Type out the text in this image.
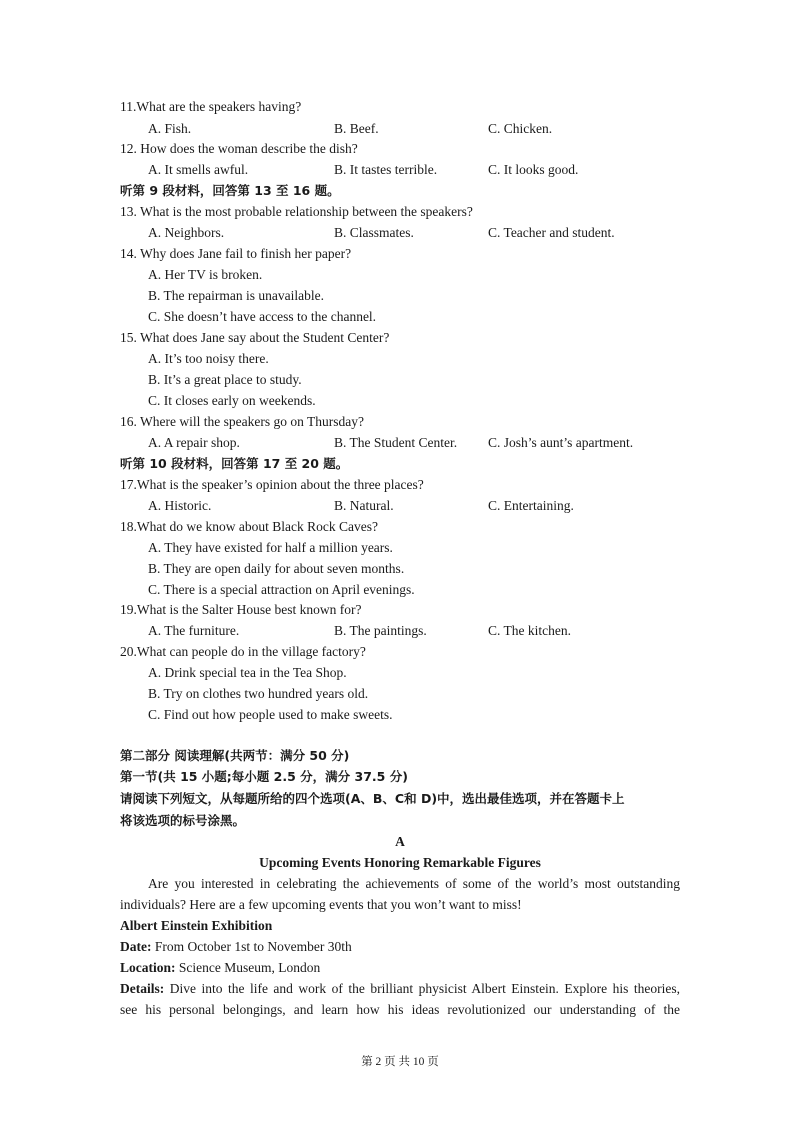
11.What are the speakers having?
A. Fish.	B. Beef.	C. Chicken.
12. How does the woman describe the dish?
A. It smells awful.	B. It tastes terrible.	C. It looks good.
听第 9 段材料，回答第 13 至 16 题。
13. What is the most probable relationship between the speakers?
A. Neighbors.	B. Classmates.	C. Teacher and student.
14. Why does Jane fail to finish her paper?
A. Her TV is broken.
B. The repairman is unavailable.
C. She doesn’t have access to the channel.
15. What does Jane say about the Student Center?
A. It’s too noisy there.
B. It’s a great place to study.
C. It closes early on weekends.
16. Where will the speakers go on Thursday?
A. A repair shop.	B. The Student Center. C. Josh’s aunt’s apartment.
听第 10 段材料，回答第 17 至 20 题。
17.What is the speaker’s opinion about the three places?
A. Historic.	B. Natural.	C. Entertaining.
18.What do we know about Black Rock Caves?
A. They have existed for half a million years.
B. They are open daily for about seven months.
C. There is a special attraction on April evenings.
19.What is the Salter House best known for?
A. The furniture.	B. The paintings.	C. The kitchen.
20.What can people do in the village factory?
A. Drink special tea in the Tea Shop.
B. Try on clothes two hundred years old.
C. Find out how people used to make sweets.
第二部分 阅读理解(共两节：满分 50 分)
第一节(共 15 小题;每小题 2.5 分，满分 37.5 分)
请阅读下列短文，从每题所给的四个选项(A、B、C和 D)中，选出最佳选项，并在答题卡上
将该选项的标号涂黑。
A
Upcoming Events Honoring Remarkable Figures
Are you interested in celebrating the achievements of some of the world’s most outstanding
individuals? Here are a few upcoming events that you won’t want to miss!
Albert Einstein Exhibition
Date: From October 1st to November 30th
Location: Science Museum, London
Details: Dive into the life and work of the brilliant physicist Albert Einstein. Explore his theories,
see his personal belongings, and learn how his ideas revolutionized our understanding of the
第 2 页 共 10 页
